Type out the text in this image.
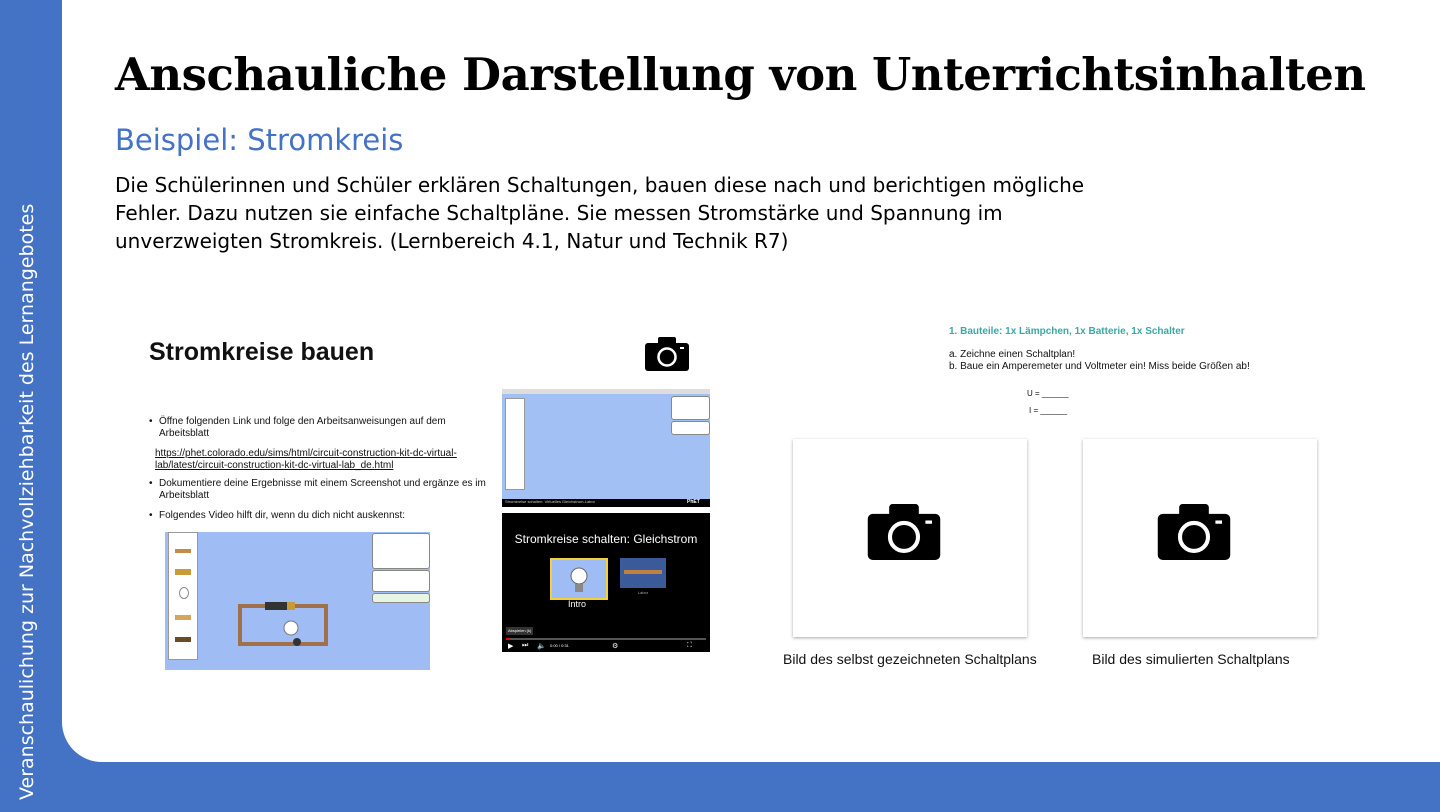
Veranschaulichung zur Nachvollziehbarkeit des Lernangebotes
Anschauliche Darstellung von Unterrichtsinhalten
Beispiel: Stromkreis
Die Schülerinnen und Schüler erklären Schaltungen, bauen diese nach und berichtigen mögliche Fehler. Dazu nutzen sie einfache Schaltpläne. Sie messen Stromstärke und Spannung im unverzweigten Stromkreis. (Lernbereich 4.1, Natur und Technik R7)
Stromkreise bauen
• Öffne folgenden Link und folge den Arbeitsanweisungen auf dem Arbeitsblatt
https://phet.colorado.edu/sims/html/circuit-construction-kit-dc-virtual-lab/latest/circuit-construction-kit-dc-virtual-lab_de.html
• Dokumentiere deine Ergebnisse mit einem Screenshot und ergänze es im Arbeitsblatt
• Folgendes Video hilft dir, wenn du dich nicht auskennst:
Stromkreise schalten: Virtuelles Gleichstrom-Labor	PhET
Stromkreise schalten: Gleichstrom
Intro
Labor
Abspielen (k)
▶ ⏭ 🔈 0:00 / 0:31	⚙	⛶
1. Bauteile: 1x Lämpchen, 1x Batterie, 1x Schalter
a. Zeichne einen Schaltplan!
b. Baue ein Amperemeter und Voltmeter ein! Miss beide Größen ab!
U = ______
I = ______
Bild des selbst gezeichneten Schaltplans	Bild des simulierten Schaltplans
